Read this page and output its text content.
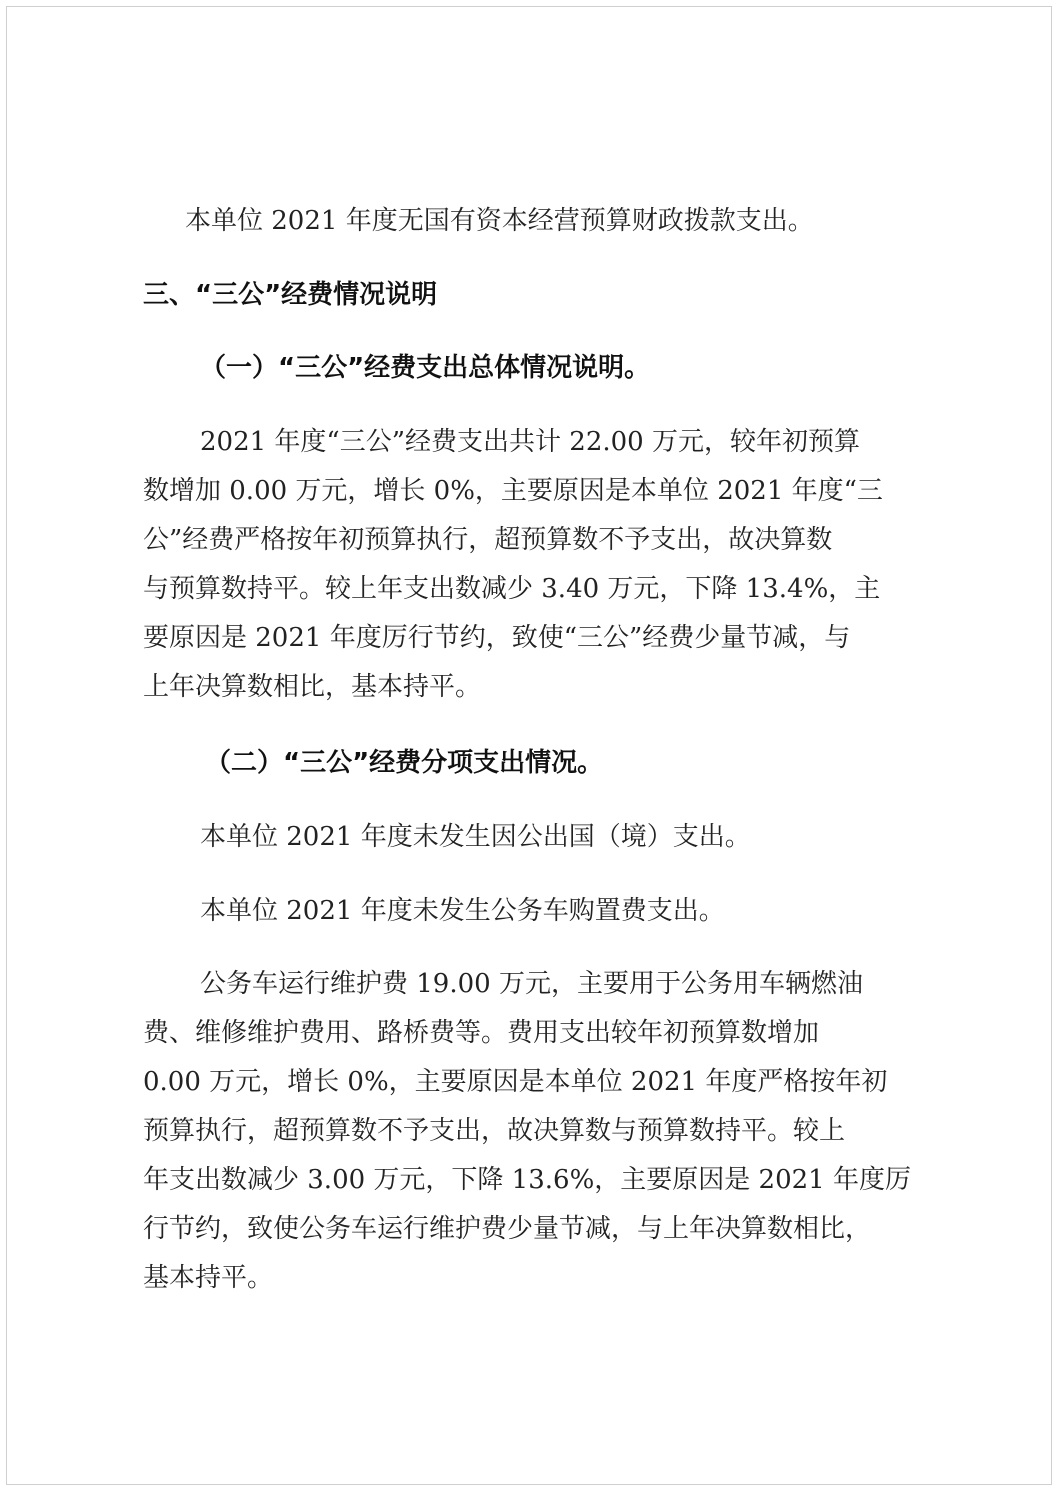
本单位 2021 年度无国有资本经营预算财政拨款支出。

三、“三公”经费情况说明
（一）“三公”经费支出总体情况说明。
2021 年度“三公”经费支出共计 22.00 万元，较年初预算
数增加 0.00 万元，增长 0%，主要原因是本单位 2021 年度“三
公”经费严格按年初预算执行，超预算数不予支出，故决算数
与预算数持平。较上年支出数减少 3.40 万元，下降 13.4%，主
要原因是 2021 年度厉行节约，致使“三公”经费少量节减，与
上年决算数相比，基本持平。
（二）“三公”经费分项支出情况。

本单位 2021 年度未发生因公出国（境）支出。

本单位 2021 年度未发生公务车购置费支出。

公务车运行维护费 19.00 万元，主要用于公务用车辆燃油
费、维修维护费用、路桥费等。费用支出较年初预算数增加
0.00 万元，增长 0%，主要原因是本单位 2021 年度严格按年初
预算执行，超预算数不予支出，故决算数与预算数持平。较上
年支出数减少 3.00 万元，下降 13.6%，主要原因是 2021 年度厉
行节约，致使公务车运行维护费少量节减，与上年决算数相比，
基本持平。
